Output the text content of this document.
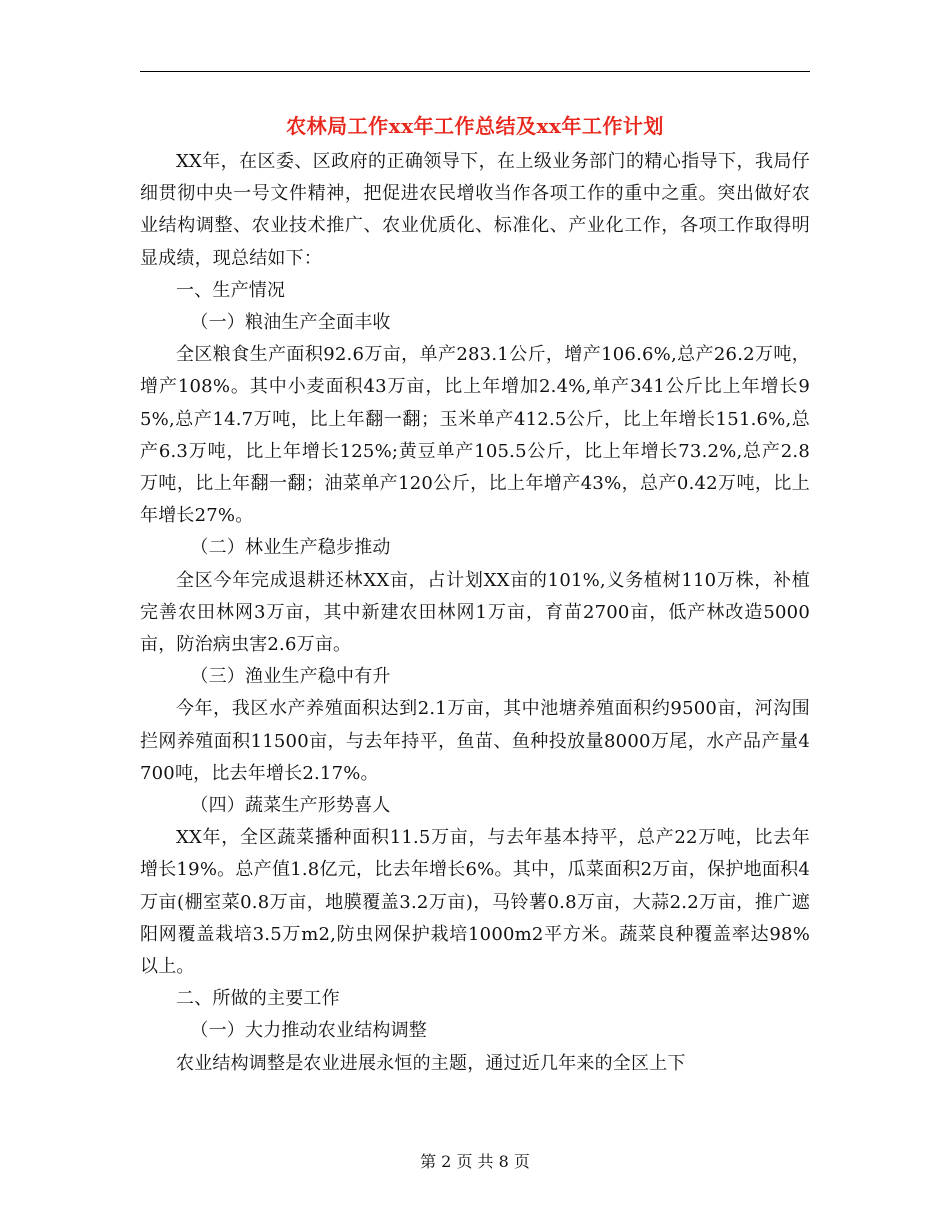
农林局工作xx年工作总结及xx年工作计划

XX年，在区委、区政府的正确领导下，在上级业务部门的精心指导下，我局仔细贯彻中央一号文件精神，把促进农民增收当作各项工作的重中之重。突出做好农业结构调整、农业技术推广、农业优质化、标准化、产业化工作，各项工作取得明显成绩，现总结如下：

一、生产情况

（一）粮油生产全面丰收

全区粮食生产面积92.6万亩，单产283.1公斤，增产106.6%,总产26.2万吨，增产108%。其中小麦面积43万亩，比上年增加2.4%,单产341公斤比上年增长95%,总产14.7万吨，比上年翻一翻；玉米单产412.5公斤，比上年增长151.6%,总产6.3万吨，比上年增长125%;黄豆单产105.5公斤，比上年增长73.2%,总产2.8万吨，比上年翻一翻；油菜单产120公斤，比上年增产43%，总产0.42万吨，比上年增长27%。

（二）林业生产稳步推动

全区今年完成退耕还林XX亩，占计划XX亩的101%,义务植树110万株，补植完善农田林网3万亩，其中新建农田林网1万亩，育苗2700亩，低产林改造5000亩，防治病虫害2.6万亩。

（三）渔业生产稳中有升

今年，我区水产养殖面积达到2.1万亩，其中池塘养殖面积约9500亩，河沟围拦网养殖面积11500亩，与去年持平，鱼苗、鱼种投放量8000万尾，水产品产量4700吨，比去年增长2.17%。

（四）蔬菜生产形势喜人

XX年，全区蔬菜播种面积11.5万亩，与去年基本持平，总产22万吨，比去年增长19%。总产值1.8亿元，比去年增长6%。其中，瓜菜面积2万亩，保护地面积4万亩(棚室菜0.8万亩，地膜覆盖3.2万亩)，马铃薯0.8万亩，大蒜2.2万亩，推广遮阳网覆盖栽培3.5万m2,防虫网保护栽培1000m2平方米。蔬菜良种覆盖率达98%以上。

二、所做的主要工作

（一）大力推动农业结构调整

农业结构调整是农业进展永恒的主题，通过近几年来的全区上下

第 2 页 共 8 页
